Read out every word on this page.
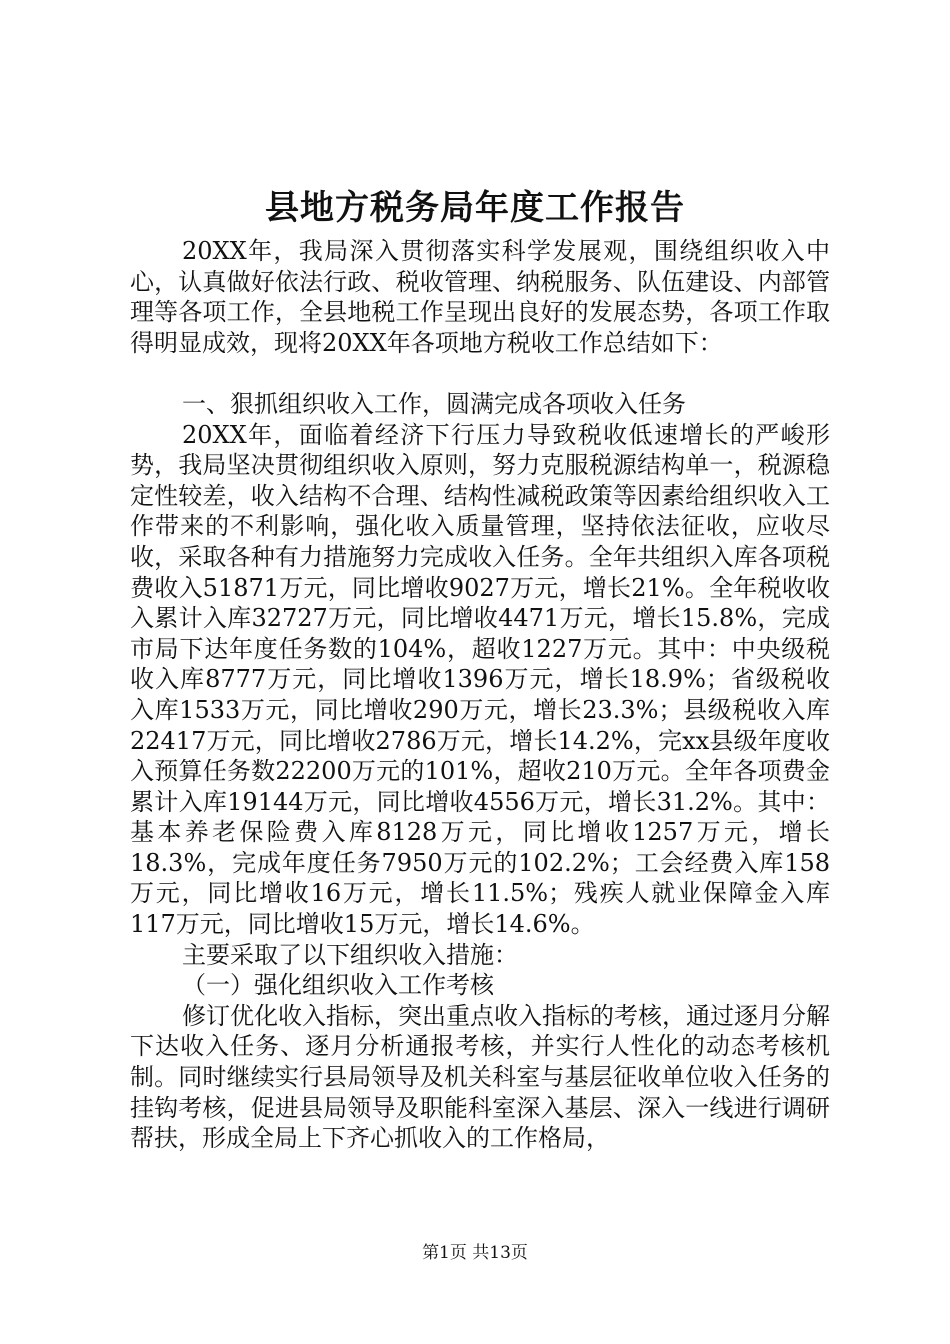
县地方税务局年度工作报告

20XX年，我局深入贯彻落实科学发展观，围绕组织收入中心，认真做好依法行政、税收管理、纳税服务、队伍建设、内部管理等各项工作，全县地税工作呈现出良好的发展态势，各项工作取得明显成效，现将20XX年各项地方税收工作总结如下：

一、狠抓组织收入工作，圆满完成各项收入任务

20XX年，面临着经济下行压力导致税收低速增长的严峻形势，我局坚决贯彻组织收入原则，努力克服税源结构单一，税源稳定性较差，收入结构不合理、结构性减税政策等因素给组织收入工作带来的不利影响，强化收入质量管理，坚持依法征收，应收尽收，采取各种有力措施努力完成收入任务。全年共组织入库各项税费收入51871万元，同比增收9027万元，增长21%。全年税收收入累计入库32727万元，同比增收4471万元，增长15.8%，完成市局下达年度任务数的104%，超收1227万元。其中：中央级税收入库8777万元，同比增收1396万元，增长18.9%；省级税收入库1533万元，同比增收290万元，增长23.3%；县级税收入库22417万元，同比增收2786万元，增长14.2%，完xx县级年度收入预算任务数22200万元的101%，超收210万元。全年各项费金累计入库19144万元，同比增收4556万元，增长31.2%。其中：基本养老保险费入库8128万元，同比增收1257万元，增长18.3%，完成年度任务7950万元的102.2%；工会经费入库158万元，同比增收16万元，增长11.5%；残疾人就业保障金入库117万元，同比增收15万元，增长14.6%。

主要采取了以下组织收入措施：

（一）强化组织收入工作考核

修订优化收入指标，突出重点收入指标的考核，通过逐月分解下达收入任务、逐月分析通报考核，并实行人性化的动态考核机制。同时继续实行县局领导及机关科室与基层征收单位收入任务的挂钩考核，促进县局领导及职能科室深入基层、深入一线进行调研帮扶，形成全局上下齐心抓收入的工作格局，

第1页 共13页
